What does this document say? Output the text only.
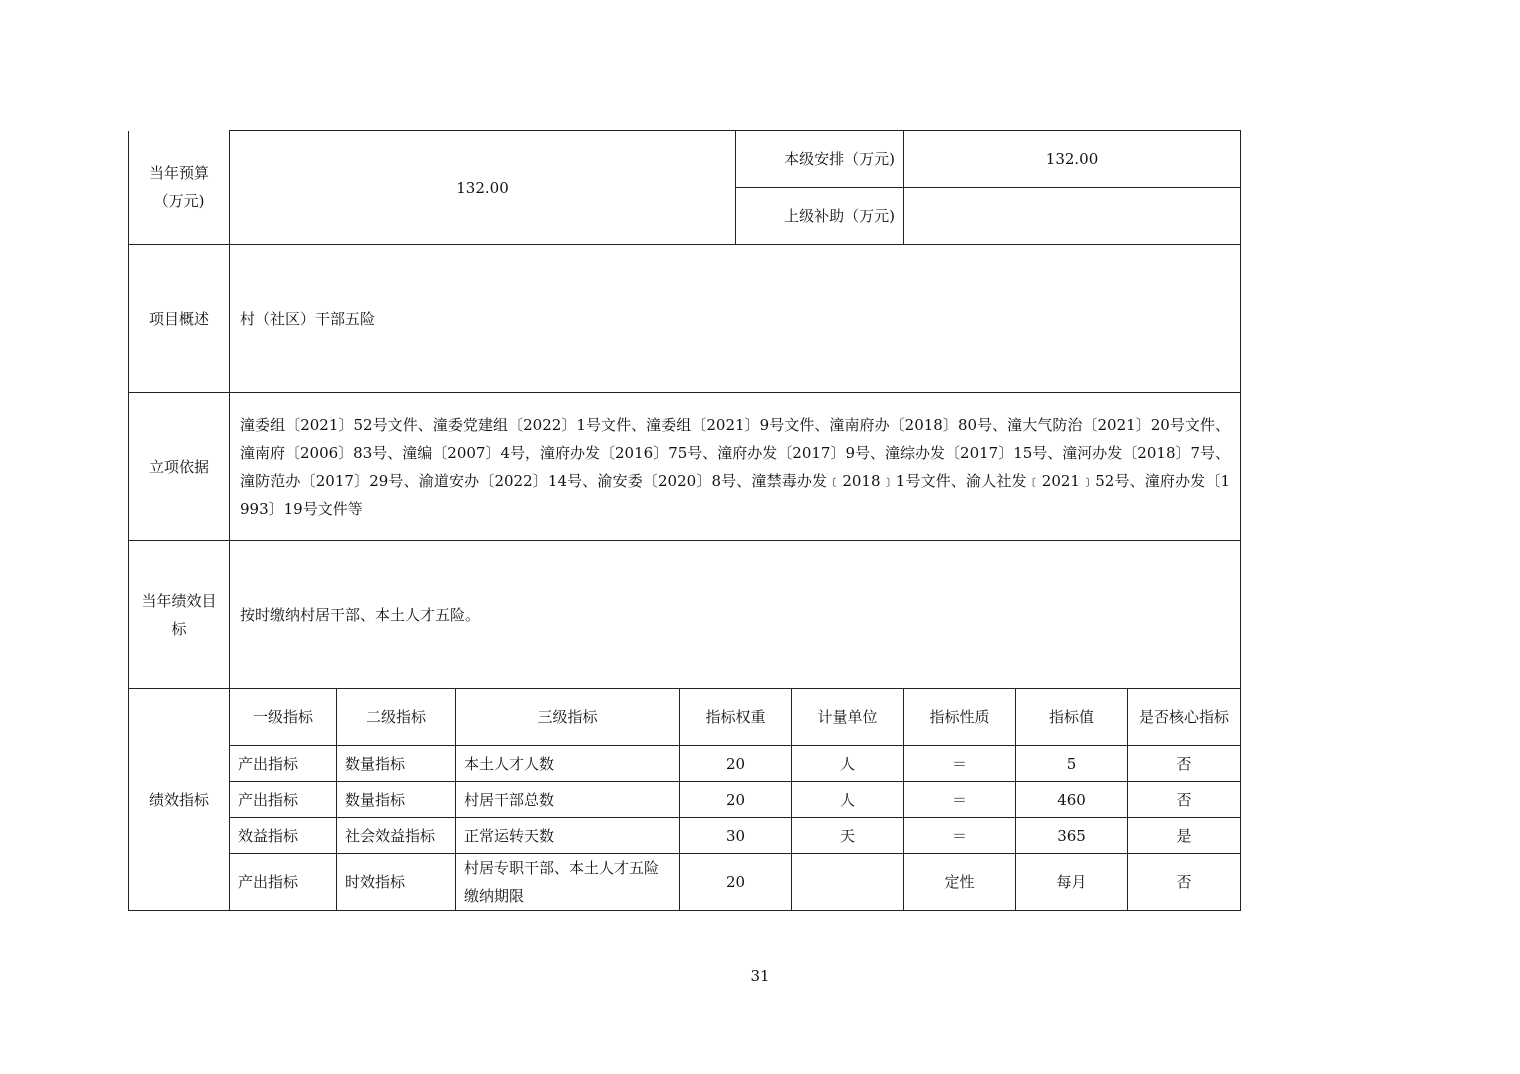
当年预算（万元)	132.00				本级安排（万元)		132.00		
					上级补助（万元)				
项目概述	村（社区）干部五险								
立项依据	潼委组〔2021〕52号文件、潼委党建组〔2022〕1号文件、潼委组〔2021〕9号文件、潼南府办〔2018〕80号、潼大气防治〔2021〕20号文件、潼南府〔2006〕83号、潼编〔2007〕4号，潼府办发〔2016〕75号、潼府办发〔2017〕9号、潼综办发〔2017〕15号、潼河办发〔2018〕7号、潼防范办〔2017〕29号、渝道安办〔2022〕14号、渝安委〔2020〕8号、潼禁毒办发﹝2018﹞1号文件、渝人社发﹝2021﹞52号、潼府办发〔1993〕19号文件等								
当年绩效目标	按时缴纳村居干部、本土人才五险。								
绩效指标	一级指标	二级指标	三级指标	指标权重		计量单位	指标性质	指标值	是否核心指标
	产出指标	数量指标	本土人才人数	20		人	＝	5	否
	产出指标	数量指标	村居干部总数	20		人	＝	460	否
	效益指标	社会效益指标	正常运转天数	30		天	＝	365	是
	产出指标	时效指标	村居专职干部、本土人才五险缴纳期限	20			定性	每月	否
31
